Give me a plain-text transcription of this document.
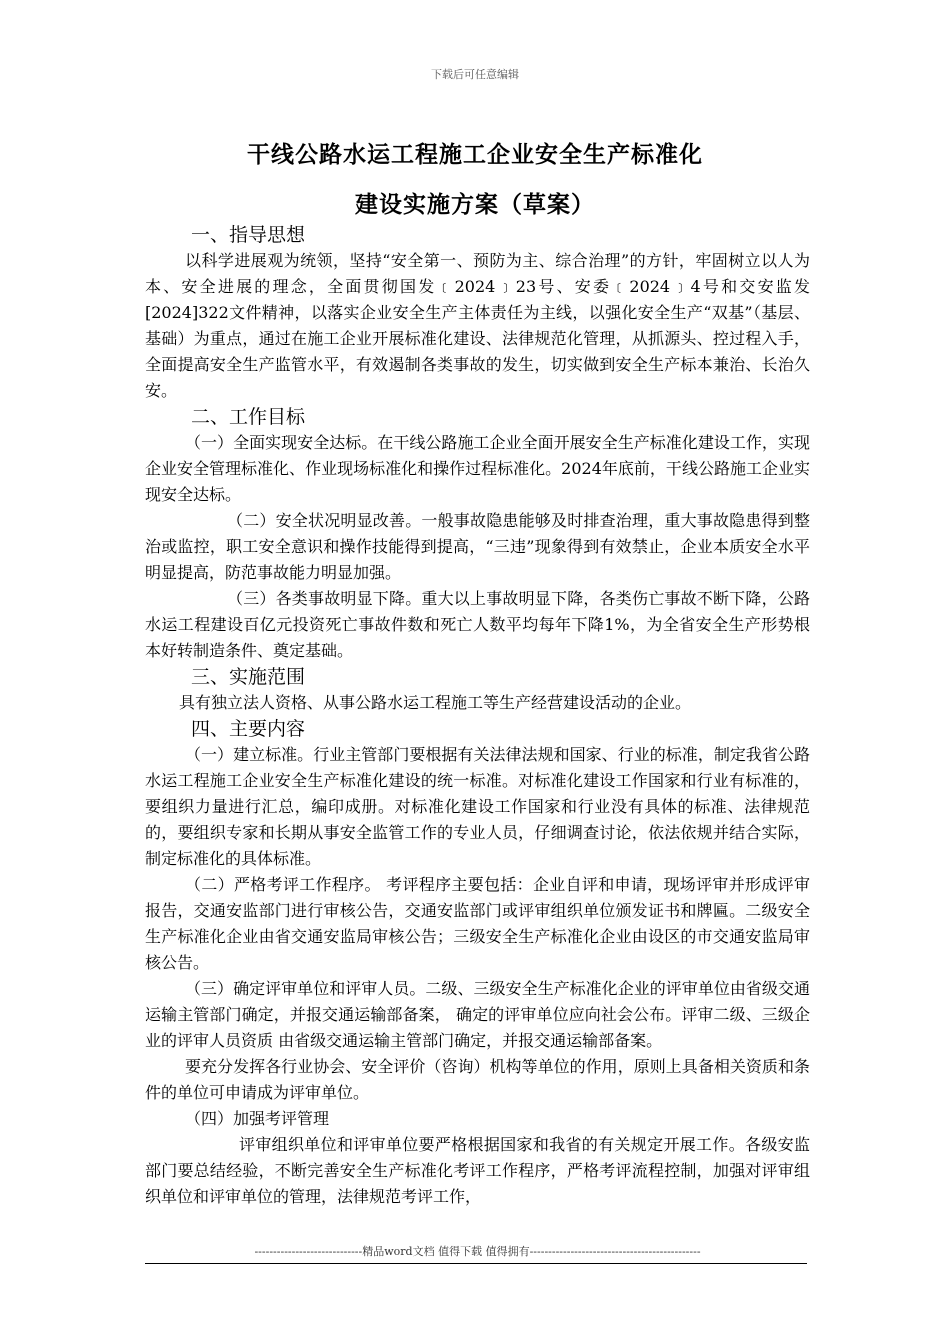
下载后可任意编辑
干线公路水运工程施工企业安全生产标准化
建设实施方案（草案）

一、指导思想

以科学进展观为统领，坚持“安全第一、预防为主、综合治理”的方针，牢固树立以人为本、安全进展的理念，全面贯彻国发﹝2024﹞23号、安委﹝2024﹞4号和交安监发[2024]322文件精神，以落实企业安全生产主体责任为主线，以强化安全生产“双基”（基层、基础）为重点，通过在施工企业开展标准化建设、法律规范化管理，从抓源头、控过程入手，全面提高安全生产监管水平，有效遏制各类事故的发生，切实做到安全生产标本兼治、长治久安。

二、工作目标

（一）全面实现安全达标。在干线公路施工企业全面开展安全生产标准化建设工作，实现企业安全管理标准化、作业现场标准化和操作过程标准化。2024年底前，干线公路施工企业实现安全达标。

（二）安全状况明显改善。一般事故隐患能够及时排查治理，重大事故隐患得到整治或监控，职工安全意识和操作技能得到提高，“三违”现象得到有效禁止，企业本质安全水平明显提高，防范事故能力明显加强。

（三）各类事故明显下降。重大以上事故明显下降，各类伤亡事故不断下降，公路水运工程建设百亿元投资死亡事故件数和死亡人数平均每年下降1%，为全省安全生产形势根本好转制造条件、奠定基础。

三、实施范围

具有独立法人资格、从事公路水运工程施工等生产经营建设活动的企业。

四、主要内容

（一）建立标准。行业主管部门要根据有关法律法规和国家、行业的标准，制定我省公路水运工程施工企业安全生产标准化建设的统一标准。对标准化建设工作国家和行业有标准的，要组织力量进行汇总，编印成册。对标准化建设工作国家和行业没有具体的标准、法律规范的，要组织专家和长期从事安全监管工作的专业人员，仔细调查讨论，依法依规并结合实际，制定标准化的具体标准。

（二）严格考评工作程序。 考评程序主要包括：企业自评和申请，现场评审并形成评审报告，交通安监部门进行审核公告，交通安监部门或评审组织单位颁发证书和牌匾。二级安全生产标准化企业由省交通安监局审核公告；三级安全生产标准化企业由设区的市交通安监局审核公告。

（三）确定评审单位和评审人员。二级、三级安全生产标准化企业的评审单位由省级交通 运输主管部门确定，并报交通运输部备案， 确定的评审单位应向社会公布。评审二级、三级企业的评审人员资质 由省级交通运输主管部门确定，并报交通运输部备案。

要充分发挥各行业协会、安全评价（咨询）机构等单位的作用，原则上具备相关资质和条件的单位可申请成为评审单位。

（四）加强考评管理

评审组织单位和评审单位要严格根据国家和我省的有关规定开展工作。各级安监部门要总结经验，不断完善安全生产标准化考评工作程序，严格考评流程控制，加强对评审组织单位和评审单位的管理，法律规范考评工作，

-----------------------------精品word文档 值得下载 值得拥有----------------------------------------------
